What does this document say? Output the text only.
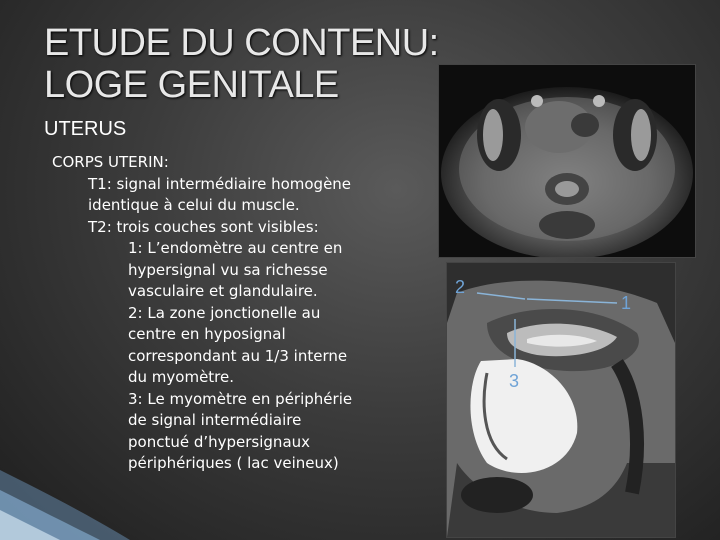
ETUDE DU CONTENU:
LOGE GENITALE
UTERUS
CORPS UTERIN:
T1: signal intermédiaire homogène
identique à celui du muscle.
T2: trois couches sont visibles:
1: L’endomètre au centre en
hypersignal vu sa richesse
vasculaire et glandulaire.
2: La zone jonctionelle au
centre en hyposignal
correspondant au 1/3 interne
du myomètre.
3: Le myomètre en périphérie
de signal intermédiaire
ponctué d’hypersignaux
périphériques ( lac veineux)
2
1
3
